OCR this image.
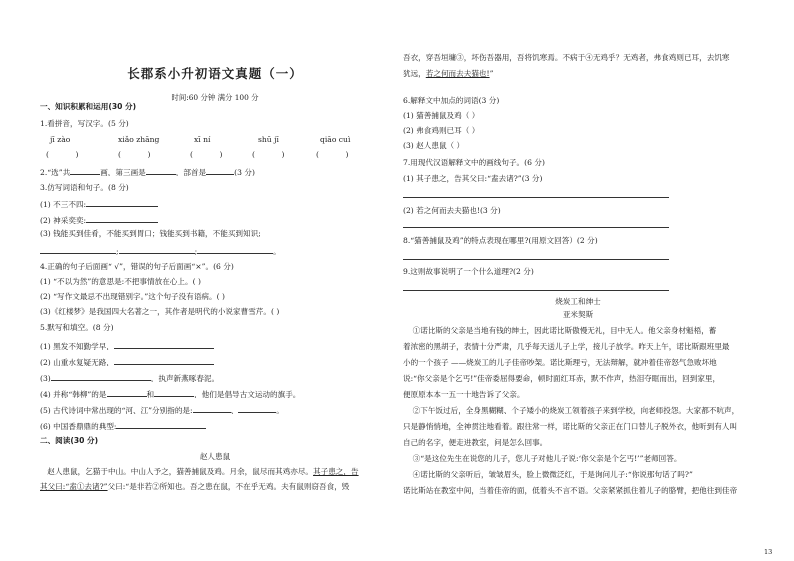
长郡系小升初语文真题（一）
时间:60 分钟 满分 100 分
一、知识积累和运用(30 分)
1.看拼音，写汉字。(5 分)
jī zào	xiǎo zhāng	xī ní	shū jī	qiāo cuì
(           )	(           )	(           )	(           )	(           )
2.“选”共	画，第三画是	，部首是	(3 分)
3.仿写词语和句子。(8 分)
(1) 不三不四:
(2) 神采奕奕:
(3) 钱能买到佳肴，不能买到胃口；钱能买到书籍，不能买到知识;
;	;	。
4.正确的句子后面画“ √”，错误的句子后面画“×”。(6 分)
(1) “不以为然”的意思是:不把事情放在心上。( )
(2) “写作文最忌不出现错别字。”这个句子没有语病。( )
(3)《红楼梦》是我国四大名著之一，其作者是明代的小说家曹雪芹。( )
5.默写和填空。(8 分)
(1) 黑发不知勤学早，
(2) 山重水复疑无路，
(3)	，执声新燕啄春泥。
(4) 并称“韩柳”的是	和	，他们是倡导古文运动的旗手。
(5) 古代诗词中常出现的“河、江”分别指的是:	、	。
(6) 中国香鼎鼎的典型:
二、阅读(30 分)
赵人患鼠
赵人患鼠，乞猫于中山。中山人予之，猫善捕鼠及鸡。月余，鼠尽而其鸡亦尽。其子患之，告
其父曰:“盍①去诸?”父曰:“是非若②所知也。吾之患在鼠，不在乎无鸡。夫有鼠则窃吾食，毁
吾衣，穿吾垣墉③，坏伤吾器用，吾将饥寒焉。不病于④无鸡乎？无鸡者，弗食鸡则已耳，去饥寒
犹远，若之何而去夫猫也!”
6.解释文中加点的词语(3 分)
(1) 猫善捕鼠及鸡（ ）
(2) 弗食鸡则已耳（ ）
(3) 赵人患鼠（ ）
7.用现代汉语解释文中的画线句子。(6 分)
(1) 其子患之，告其父曰:“盍去诸?”(3 分)
(2) 若之何而去夫猫也!(3 分)
8.“猫善捕鼠及鸡”的特点表现在哪里?(用原文回答）(2 分)
9.这则故事说明了一个什么道理?(2 分)
烧炭工和绅士
亚米契斯
①诺比斯的父亲是当地有钱的绅士，因此诺比斯傲慢无礼，目中无人。他父亲身材魁梧，蓄
着浓密的黑胡子，表情十分严肃，几乎每天送儿子上学，接儿子放学。昨天上午，诺比斯跟班里最
小的一个孩子 ——烧炭工的儿子佳帝吵架。诺比斯理亏，无法辩解，就冲着佳帝怒气急败坏地
说:“你父亲是个乞丐!”佳帝委屈得要命，顿时面红耳赤，默不作声，热泪夺眶而出，回到家里，
便原原本本一五一十地告诉了父亲。
②下午饭过后，全身黑糊糊、个子矮小的烧炭工领着孩子来到学校，向老师投怨。大家都不吭声，
只是静悄悄地，全神贯注地看着。跟往常一样，诺比斯的父亲正在门口替儿子脱外衣，他听到有人叫
自己的名字，便走进教室，问是怎么回事。
③“是这位先生在说您的儿子，您儿子对他儿子说:‘你父亲是个乞丐!’”老师回答。
④诺比斯的父亲听后，皱皱眉头，脸上微微泛红，于是询问儿子:“你说那句话了吗?”
诺比斯站在教室中间，当着佳帝的面，低着头不言不语。父亲紧紧抓住着儿子的胳臂，把他往到佳帝
13
